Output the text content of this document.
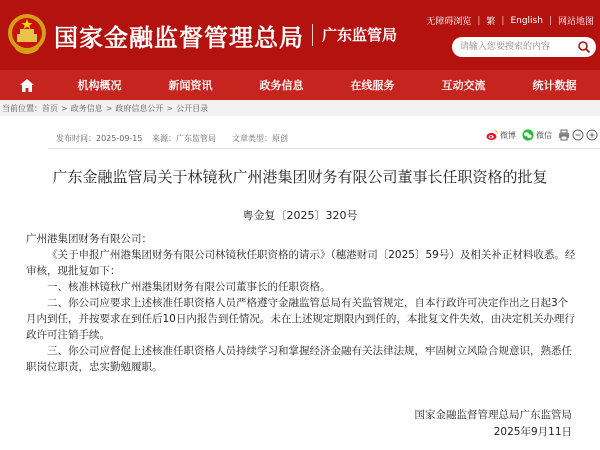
国家金融监督管理总局 广东监管局
无障碍浏览 | 繁 | English | 网站地图
请输入您要搜索的内容
机构概况	新闻资讯	政务信息	在线服务	互动交流	统计数据
当前位置： 首页 > 政务信息 > 政府信息公开 > 公开目录
发布时间：2025-09-15 来源：广东监管局 文章类型：原创	微博	微信
广东金融监管局关于林镜秋广州港集团财务有限公司董事长任职资格的批复
粤金复〔2025〕320号

广州港集团财务有限公司：

《关于申报广州港集团财务有限公司林镜秋任职资格的请示》（穗港财司〔2025〕59号）及相关补正材料收悉。经审核，现批复如下：

一、核准林镜秋广州港集团财务有限公司董事长的任职资格。

二、你公司应要求上述核准任职资格人员严格遵守金融监管总局有关监管规定，自本行政许可决定作出之日起3个月内到任，并按要求在到任后10日内报告到任情况。未在上述规定期限内到任的，本批复文件失效，由决定机关办理行政许可注销手续。

三、你公司应督促上述核准任职资格人员持续学习和掌握经济金融有关法律法规，牢固树立风险合规意识，熟悉任职岗位职责，忠实勤勉履职。

国家金融监督管理总局广东监管局
2025年9月11日
